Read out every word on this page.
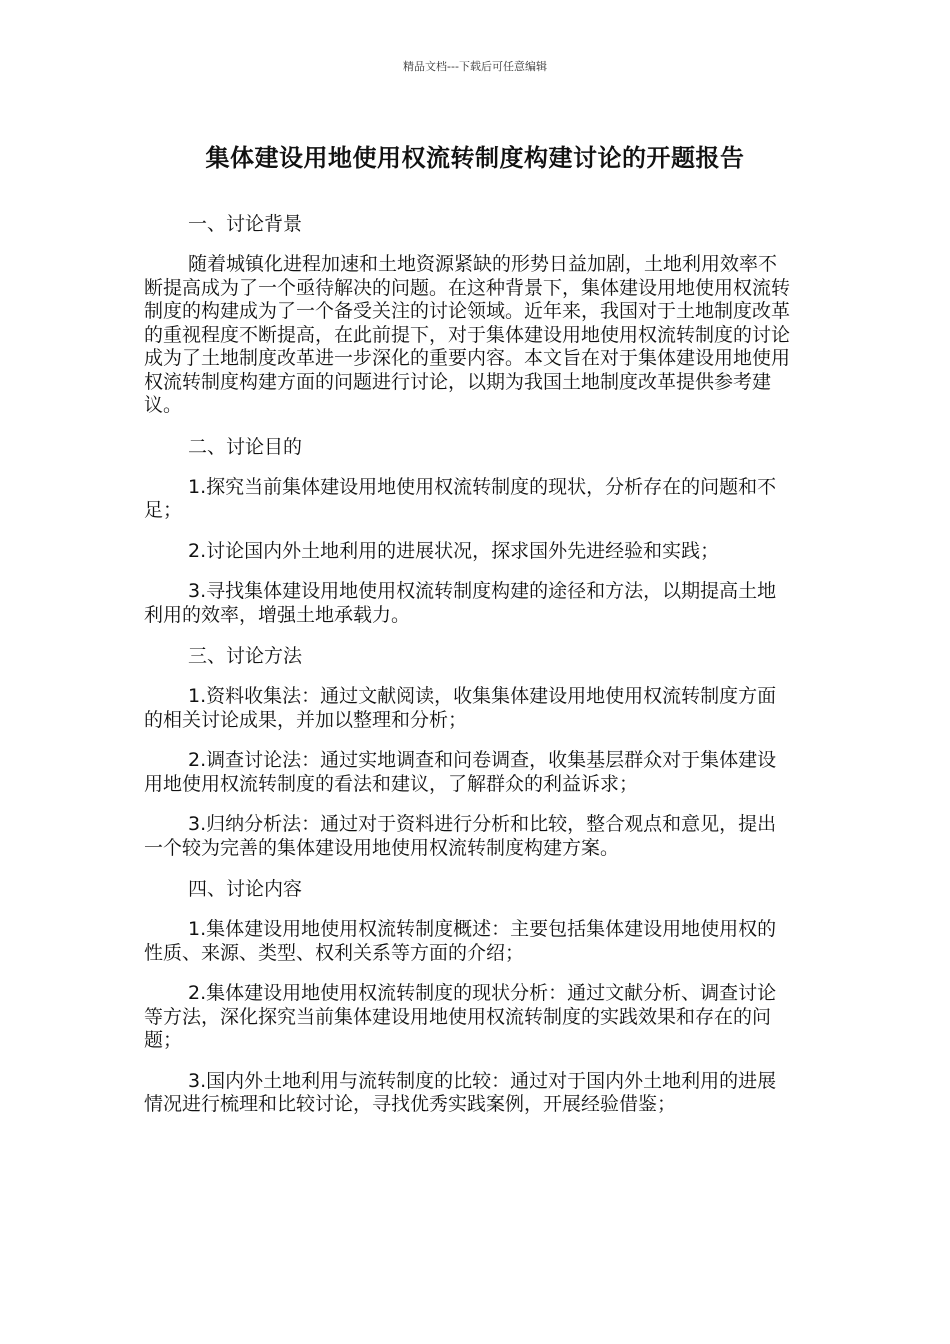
精品文档---下载后可任意编辑
集体建设用地使用权流转制度构建讨论的开题报告

一、讨论背景

随着城镇化进程加速和土地资源紧缺的形势日益加剧，土地利用效率不断提高成为了一个亟待解决的问题。在这种背景下，集体建设用地使用权流转制度的构建成为了一个备受关注的讨论领域。近年来，我国对于土地制度改革的重视程度不断提高，在此前提下，对于集体建设用地使用权流转制度的讨论成为了土地制度改革进一步深化的重要内容。本文旨在对于集体建设用地使用权流转制度构建方面的问题进行讨论，以期为我国土地制度改革提供参考建议。

二、讨论目的

1.探究当前集体建设用地使用权流转制度的现状，分析存在的问题和不足；

2.讨论国内外土地利用的进展状况，探求国外先进经验和实践；

3.寻找集体建设用地使用权流转制度构建的途径和方法，以期提高土地利用的效率，增强土地承载力。

三、讨论方法

1.资料收集法：通过文献阅读，收集集体建设用地使用权流转制度方面的相关讨论成果，并加以整理和分析；

2.调查讨论法：通过实地调查和问卷调查，收集基层群众对于集体建设用地使用权流转制度的看法和建议，了解群众的利益诉求；

3.归纳分析法：通过对于资料进行分析和比较，整合观点和意见，提出一个较为完善的集体建设用地使用权流转制度构建方案。

四、讨论内容

1.集体建设用地使用权流转制度概述：主要包括集体建设用地使用权的性质、来源、类型、权利关系等方面的介绍；

2.集体建设用地使用权流转制度的现状分析：通过文献分析、调查讨论等方法，深化探究当前集体建设用地使用权流转制度的实践效果和存在的问题；

3.国内外土地利用与流转制度的比较：通过对于国内外土地利用的进展情况进行梳理和比较讨论，寻找优秀实践案例，开展经验借鉴；
